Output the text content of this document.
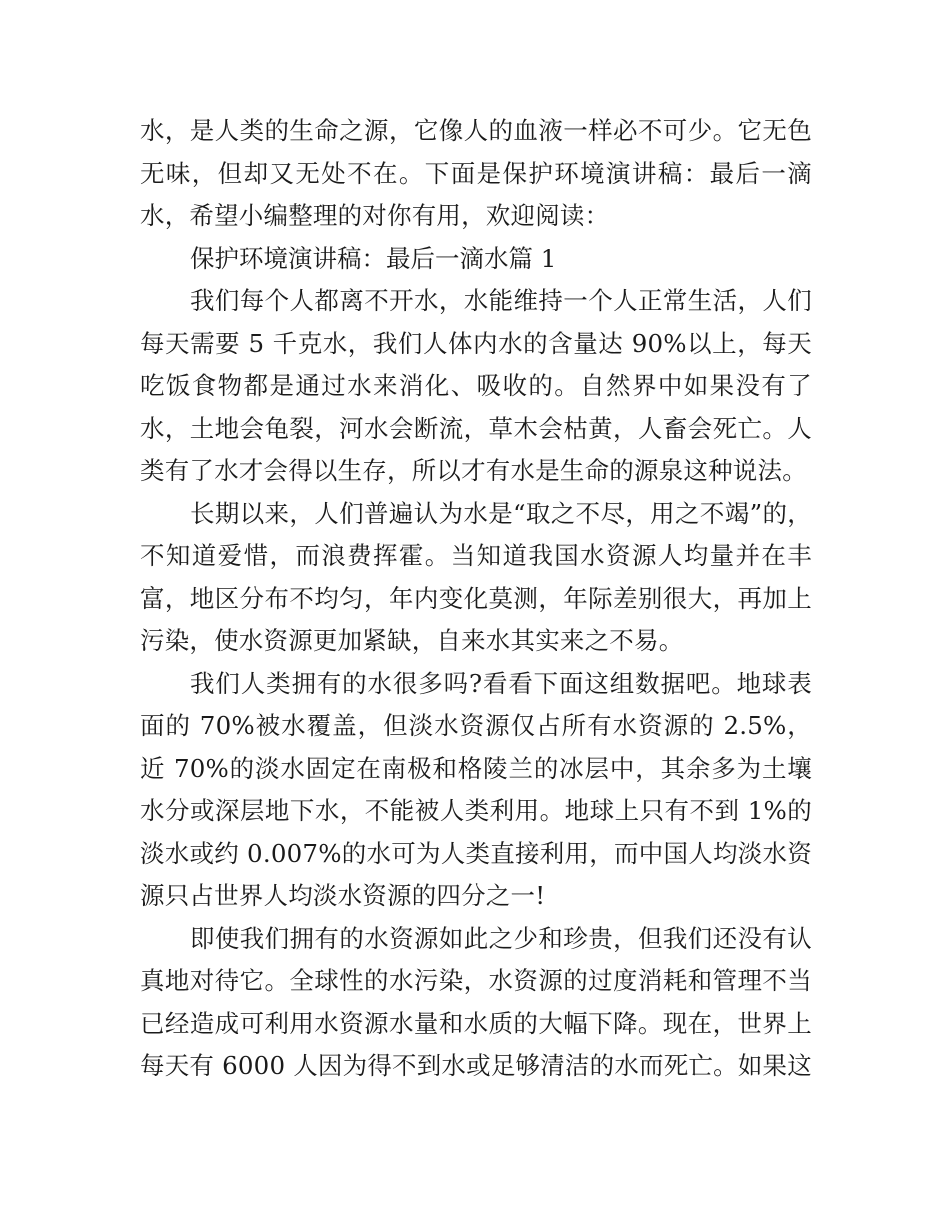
水，是人类的生命之源，它像人的血液一样必不可少。它无色无味，但却又无处不在。下面是保护环境演讲稿：最后一滴水，希望小编整理的对你有用，欢迎阅读：

保护环境演讲稿：最后一滴水篇 1

我们每个人都离不开水，水能维持一个人正常生活，人们每天需要 5 千克水，我们人体内水的含量达 90%以上，每天吃饭食物都是通过水来消化、吸收的。自然界中如果没有了水，土地会龟裂，河水会断流，草木会枯黄，人畜会死亡。人类有了水才会得以生存，所以才有水是生命的源泉这种说法。

长期以来，人们普遍认为水是“取之不尽，用之不竭”的，不知道爱惜，而浪费挥霍。当知道我国水资源人均量并在丰富，地区分布不均匀，年内变化莫测，年际差别很大，再加上污染，使水资源更加紧缺，自来水其实来之不易。

我们人类拥有的水很多吗?看看下面这组数据吧。地球表面的 70%被水覆盖，但淡水资源仅占所有水资源的 2.5%，近 70%的淡水固定在南极和格陵兰的冰层中，其余多为土壤水分或深层地下水，不能被人类利用。地球上只有不到 1%的淡水或约 0.007%的水可为人类直接利用，而中国人均淡水资源只占世界人均淡水资源的四分之一!

即使我们拥有的水资源如此之少和珍贵，但我们还没有认真地对待它。全球性的水污染，水资源的过度消耗和管理不当已经造成可利用水资源水量和水质的大幅下降。现在，世界上每天有 6000 人因为得不到水或足够清洁的水而死亡。如果这
